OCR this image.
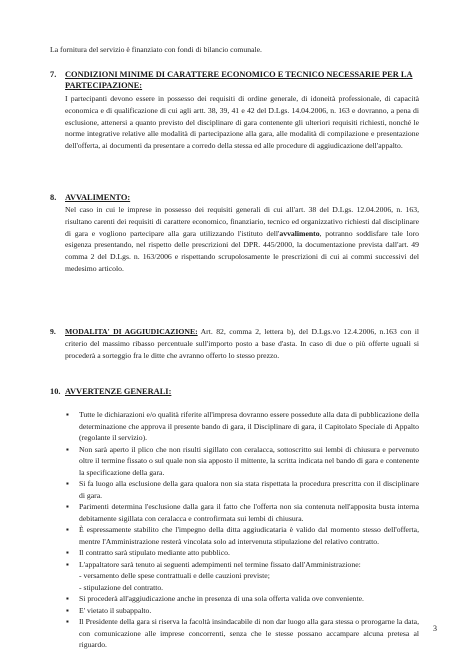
La fornitura del servizio è finanziato con fondi di bilancio comunale.
7.	CONDIZIONI MINIME DI CARATTERE ECONOMICO E TECNICO NECESSARIE PER LA PARTECIPAZIONE:
I partecipanti devono essere in possesso dei requisiti di ordine generale, di idoneità professionale, di capacità economica e di qualificazione di cui agli artt. 38, 39, 41 e 42 del D.Lgs. 14.04.2006, n. 163 e dovranno, a pena di esclusione, attenersi a quanto previsto del disciplinare di gara contenente gli ulteriori requisiti richiesti, nonché le norme integrative relative alle modalità di partecipazione alla gara, alle modalità di compilazione e presentazione dell'offerta, ai documenti da presentare a corredo della stessa ed alle procedure di aggiudicazione dell'appalto.
8.	AVVALIMENTO:
Nel caso in cui le imprese in possesso dei requisiti generali di cui all'art. 38 del D.Lgs. 12.04.2006, n. 163, risultano carenti dei requisiti di carattere economico, finanziario, tecnico ed organizzativo richiesti dal disciplinare di gara e vogliono partecipare alla gara utilizzando l'istituto dell'avvalimento, potranno soddisfare tale loro esigenza presentando, nel rispetto delle prescrizioni del DPR. 445/2000, la documentazione prevista dall'art. 49 comma 2 del D.Lgs. n. 163/2006 e rispettando scrupolosamente le prescrizioni di cui ai commi successivi del medesimo articolo.
9.	MODALITA' DI AGGIUDICAZIONE: Art. 82, comma 2, lettera b), del D.Lgs.vo 12.4.2006, n.163 con il criterio del massimo ribasso percentuale sull'importo posto a base d'asta. In caso di due o più offerte uguali si procederà a sorteggio fra le ditte che avranno offerto lo stesso prezzo.
10. AVVERTENZE GENERALI:
▪ Tutte le dichiarazioni e/o qualità riferite all'impresa dovranno essere possedute alla data di pubblicazione della determinazione che approva il presente bando di gara, il Disciplinare di gara, il Capitolato Speciale di Appalto (regolante il servizio).
▪ Non sarà aperto il plico che non risulti sigillato con ceralacca, sottoscritto sui lembi di chiusura e pervenuto oltre il termine fissato o sul quale non sia apposto il mittente, la scritta indicata nel bando di gara e contenente la specificazione della gara.
▪ Si fa luogo alla esclusione della gara qualora non sia stata rispettata la procedura prescritta con il disciplinare di gara.
▪ Parimenti determina l'esclusione dalla gara il fatto che l'offerta non sia contenuta nell'apposita busta interna debitamente sigillata con ceralacca e controfirmata sui lembi di chiusura.
▪ È espressamente stabilito che l'impegno della ditta aggiudicataria è valido dal momento stesso dell'offerta, mentre l'Amministrazione resterà vincolata solo ad intervenuta stipulazione del relativo contratto.
▪ Il contratto sarà stipulato mediante atto pubblico.
▪ L'appaltatore sarà tenuto ai seguenti adempimenti nel termine fissato dall'Amministrazione:
- versamento delle spese contrattuali e delle cauzioni previste;
- stipulazione del contratto.
▪ Si procederà all'aggiudicazione anche in presenza di una sola offerta valida ove conveniente.
▪ E' vietato il subappalto.
▪ Il Presidente della gara si riserva la facoltà insindacabile di non dar luogo alla gara stessa o prorogarne la data, con comunicazione alle imprese concorrenti, senza che le stesse possano accampare alcuna pretesa al riguardo.
3
